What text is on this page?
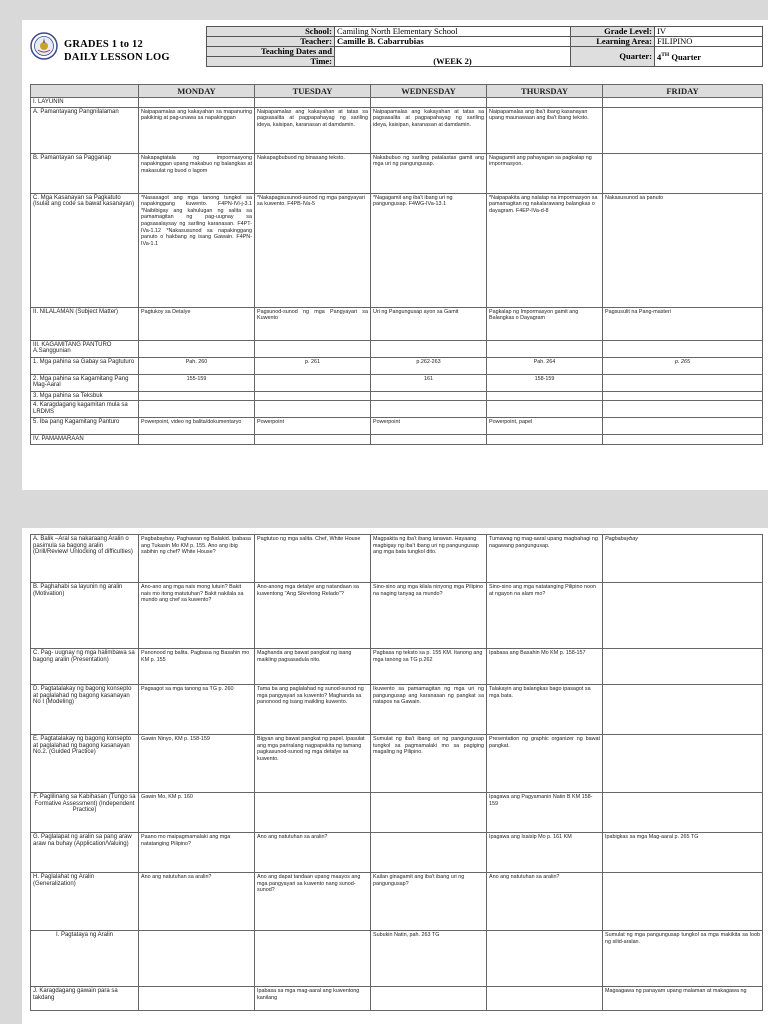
GRADES 1 to 12
DAILY LESSON LOG
School:	Camiling North Elementary School	Grade Level:	IV
Teacher:	Camille B. Cabarrubias	Learning Area:	FILIPINO
Teaching Dates and	(WEEK 2)	Quarter:	4TH Quarter
Time:			
	MONDAY	TUESDAY	WEDNESDAY	THURSDAY	FRIDAY
I. LAYUNIN					
A. Pamantayang Pangnilalaman	Naipapamalas ang kakayahan sa mapanuring pakikinig at pag-unawa sa napakinggan	Naipapamalas ang kakayahan at tatas sa pagsasalita at pagpapahayag ng sariling ideya, kaisipan, karanasan at damdamin.	Naipapamalas ang kakayahan at tatas sa pagsasalita at pagpapahayag ng sariling ideya, kaisipan, karanasan at damdamin.	Naipapamalas ang iba't ibang kasanayan upang maunawaan ang iba't ibang teksto.	
B. Pamantayan sa Pagganap	Nakapagtatala ng impormasyong napakinggan upang makabuo ng balangkas at makasulat ng buod o lagom	Nakapagbubuod ng binasang teksto.	Nakabubuo ng sariling patalastas gamit ang mga uri ng pangungusap.	Nagagamit ang pahayagan sa pagkalap ng impormasyon.	
C. Mga Kasanayan sa Pagkatuto (Isulat ang code sa bawat kasanayan)	*Nasasagot ang mga tanong tungkol sa napakinggang kuwento. F4PN-IVi-j-3.1 *Naibibigay ang kahulugan ng salita sa pamamagitan ng pag-uugnay sa pagsasalaysay ng sariling karanasan. F4PT-IVa-1.12 *Nakasusunod sa napakinggang panuto o hakbang ng isang Gawain. F4PN-IVa-1.1	*Nakapagsusunod-sunod ng mga pangyayari sa kuwento. F4PB-IVa-5	*Nagagamit ang iba't ibang uri ng pangungusap. F4WG-IVa-13.1	*Naipapakita ang nalalap na impormasyon sa pamamagitan ng nakalarawang balangkas o dayagram. F4EP-IVa-d-8	Nakasusunod sa panuto
II. NILALAMAN (Subject Matter)	Pagtukoy sa Detalye	Pagsunod-sunod ng mga Pangyayari sa Kuwento	Uri ng Pangungusap ayon sa Gamit	Pagkalap ng Impormasyon gamit ang Balangkas o Dayagram	Pagsusulit na Pang-masteri
III. KAGAMITANG PANTURO A.Sanggunian					
1. Mga pahina sa Gabay sa Pagtuturo	Pah. 260	p. 261	p.262-263	Pah. 264	p. 265
2. Mga pahina sa Kagamitang Pang Mag-Aaral	155-159		161	158-159	
3. Mga pahina sa Teksbuk					
4. Karagdagang kagamitan mula sa LRDMS					
5. Iba pang Kagamitang Panturo	Powerpoint, video ng balita/dokumentaryo	Powerpoint	Powerpoint	Powerpoint, papel	
IV. PAMAMARAAN					
A. Balik –Aral sa nakaraang Aralin o pasimula sa bagong aralin (Drill/Review/ Unlocking of difficulties)	Pagbabaybay. Paghawan ng Balakid. Ipabasa ang Tukasin Mo KM p. 155. Ano ang ibig sabihin ng chef? White House?	Pagtutuo ng mga salita. Chef, White House	Magpakita ng iba't ibang larawan. Hayaang magbigay ng iba't ibang uri ng pangungusap ang mga bata tungkol dito.	Tumawag ng mag-aaral upang magbahagi ng nagawang pangungusap.	Pagbabaybay
B. Paghahabi sa layunin ng aralin (Motivation)	Ano-ano ang mga nais mong lutuin? Bakit nais mo itong matutuhan? Bakit nakilala sa mundo ang chef sa kuwento?	Ano-anong mga detalye ang natandaan sa kuwentong "Ang Sikretong Relado"?	Sino-sino ang mga kilala ninyong mga Pilipino na naging tanyag sa mundo?	Sino-sino ang mga natatanging Pilipino noon at ngayon na alam mo?	
C. Pag- uugnay ng mga halimbawa sa bagong aralin (Presentation)	Panonood ng balita. Pagbasa ng Basahin mo KM p. 155	Maghanda ang bawat pangkat ng isang maikling pagsasadula nito.	Pagbasa ng teksto sa p. 155 KM. Itanong ang mga tanong sa TG p.262	Ipabasa ang Basahin Mo KM p. 158-157	
D. Pagtatalakay ng bagong konsepto at paglalahad ng bagong kasanayan No I (Modeling)	Pagsagot sa mga tanong sa TG p. 260	Tama ba ang paglalahad ng sunod-sunod ng mga pangyayari sa kuwento? Maghanda sa panonood ng isang maikling kuwento.	Ikuwento sa pamamagitan ng mga uri ng pangungusap ang karanasan ng pangkat sa natapos na Gawain.	Talakayin ang balangkas bago ipasagot sa mga bata.	
E. Pagtatalakay ng bagong konsepto at paglalahad ng bagong kasanayan No.2. (Guided Practice)	Gawin Ninyo, KM p. 158-159	Bigyan ang bawat pangkat ng papel. Ipasulat ang mga pariralang nagpapakita ng tamang pagkasunod-sunod ng mga detalye sa kuwento.	Sumulat ng iba't ibang uri ng pangungusap tungkol sa pagmamalaki mo sa pagiging magaling ng Pilipino.	Presentation ng graphic organizer ng bawat pangkat.	
F. Paglilinang sa Kabihasan (Tungo sa Formative Assessment) (Independent Practice)	Gawin Mo, KM p. 160			Ipagawa ang Pagyamanin Natin B KM 158-159	
G. Paglalapat ng aralin sa pang araw araw na buhay (Application/Valuing)	Paano mo maipagmamalaki ang mga natatanging Pilipino?	Ano ang natutuhan sa aralin?		Ipagawa ang Isaisip Mo p. 161 KM	Ipabigkas sa mga Mag-aaral p. 265 TG
H. Paglalahat ng Aralin (Generalization)	Ano ang natutuhan sa aralin?	Ano ang dapat tandaan upang maayos ang mga pangyayari sa kuwento nang sunod-sunod?	Kailan ginagamit ang iba't ibang uri ng pangungusap?	Ano ang natutuhan sa aralin?	
I. Pagtataya ng Aralin			Subukin Natin, pah. 263 TG		Sumulat ng mga pangungusap tungkol sa mga makikita sa loob ng silid-aralan.
J. Karagdagang gawain para sa takdang		Ipabasa sa mga mag-aaral ang kuwentong kanilang			Magsagawa ng panayam upang malaman at makagawa ng
